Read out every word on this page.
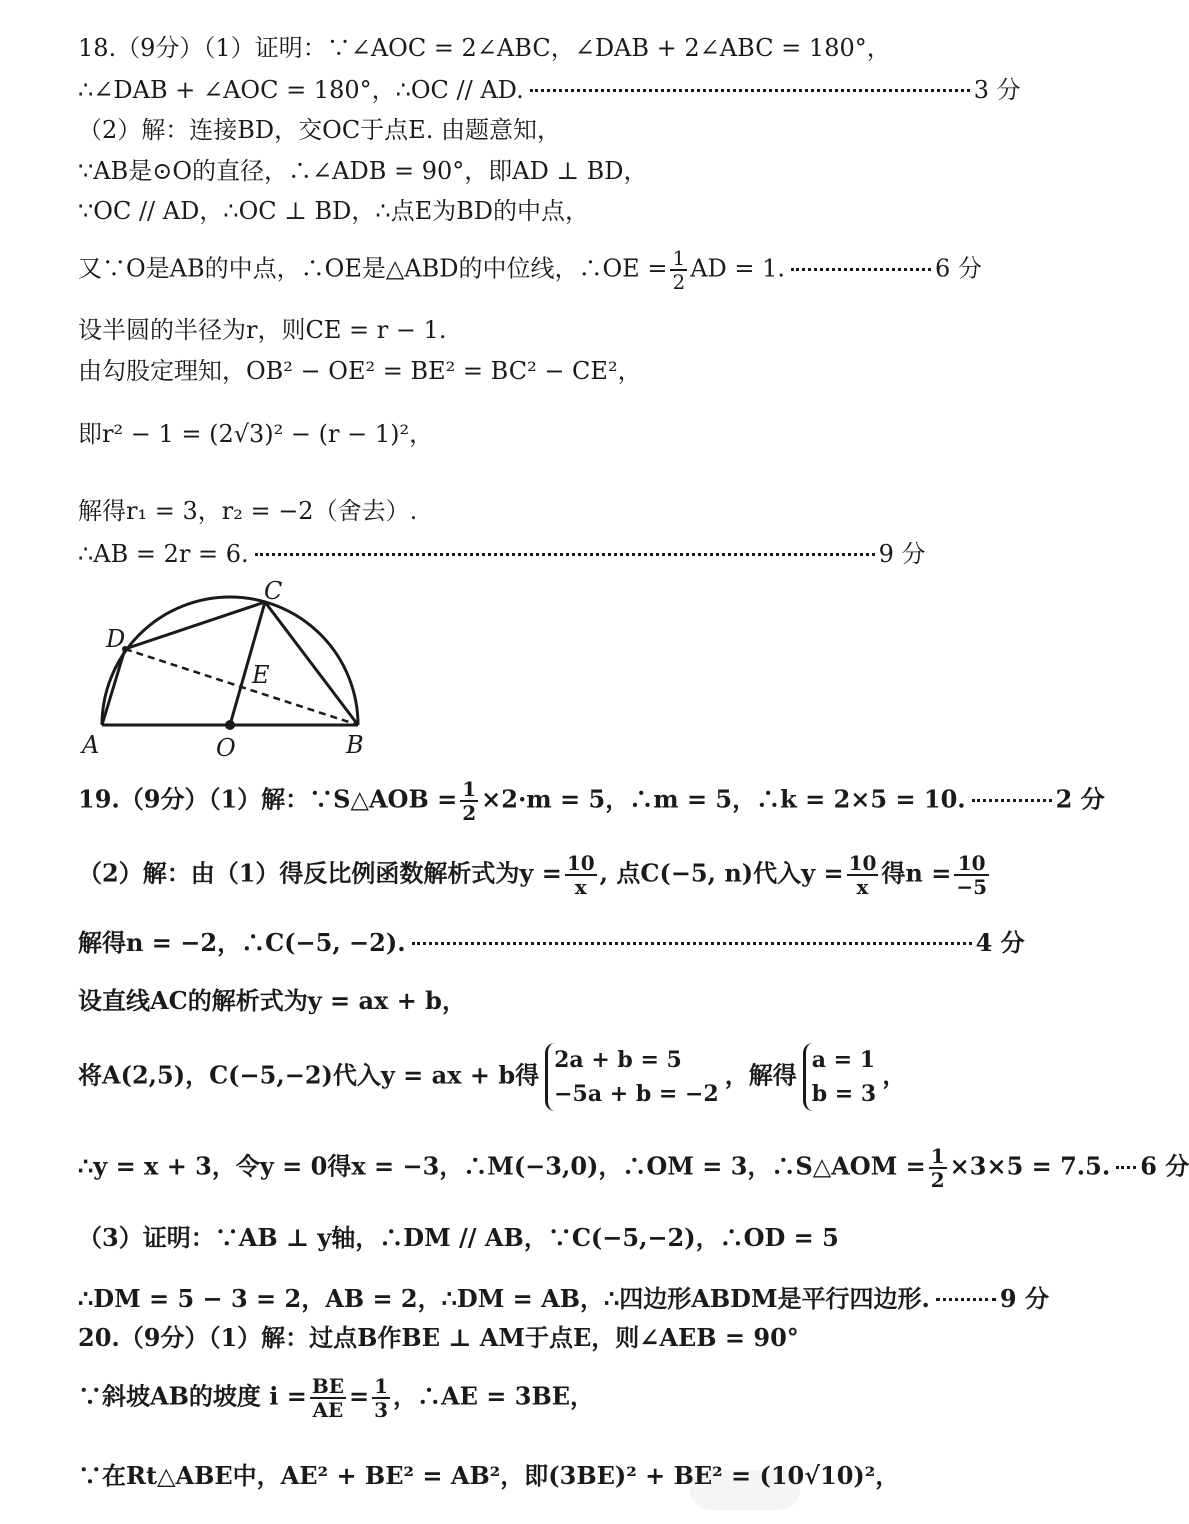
18.（9分）（1）证明：∵∠AOC = 2∠ABC，∠DAB + 2∠ABC = 180°，
∴∠DAB + ∠AOC = 180°，∴OC // AD.	3 分
（2）解：连接BD，交OC于点E. 由题意知，
∵AB是⊙O的直径，∴∠ADB = 90°，即AD ⊥ BD，
∵OC // AD，∴OC ⊥ BD，∴点E为BD的中点，
又∵O是AB的中点，∴OE是△ABD的中位线，∴OE = $\frac{1}{2}$ AD = 1.	6 分
设半圆的半径为r，则CE = r − 1.
由勾股定理知，OB² − OE² = BE² = BC² − CE²，
即r² − 1 = (2√3)² − (r − 1)²，
解得r₁ = 3，r₂ = −2（舍去）.
∴AB = 2r = 6.	9 分
A	O	B
C
D
E
19.（9分）（1）解：∵S△AOB = $\frac{1}{2} \times 2\cdot m = 5$，∴m = 5，∴k = 2×5 = 10.	2 分
（2）解：由（1）得反比例函数解析式为$y = \frac{10}{x}$ , 点C(−5, n)代入$y = \frac{10}{x}$ 得$n = \frac{10}{-5}$
解得n = −2，∴C(−5, −2).	4 分
设直线AC的解析式为y = ax + b，
将A(2,5)，C(−5,−2)代入y = ax + b得
2a + b = 5
−5a + b = −2
，解得
a = 1
b = 3
，
∴y = x + 3，令y = 0得x = −3，∴M(−3,0)，∴OM = 3，∴S△AOM = $\frac{1}{2} \times 3\times 5 = 7.5$. 6 分
（3）证明：∵AB ⊥ y轴，∴DM // AB，∵C(−5,−2)，∴OD = 5
∴DM = 5 − 3 = 2，AB = 2，∴DM = AB，∴四边形ABDM是平行四边形.	9 分
20.（9分）（1）解：过点B作BE ⊥ AM于点E，则∠AEB = 90°
∵斜坡AB的坡度 $i = \frac{BE}{AE} = \frac{1}{3}$ ，∴AE = 3BE，
∵在Rt△ABE中，AE² + BE² = AB²，即(3BE)² + BE² = (10√10)²，
